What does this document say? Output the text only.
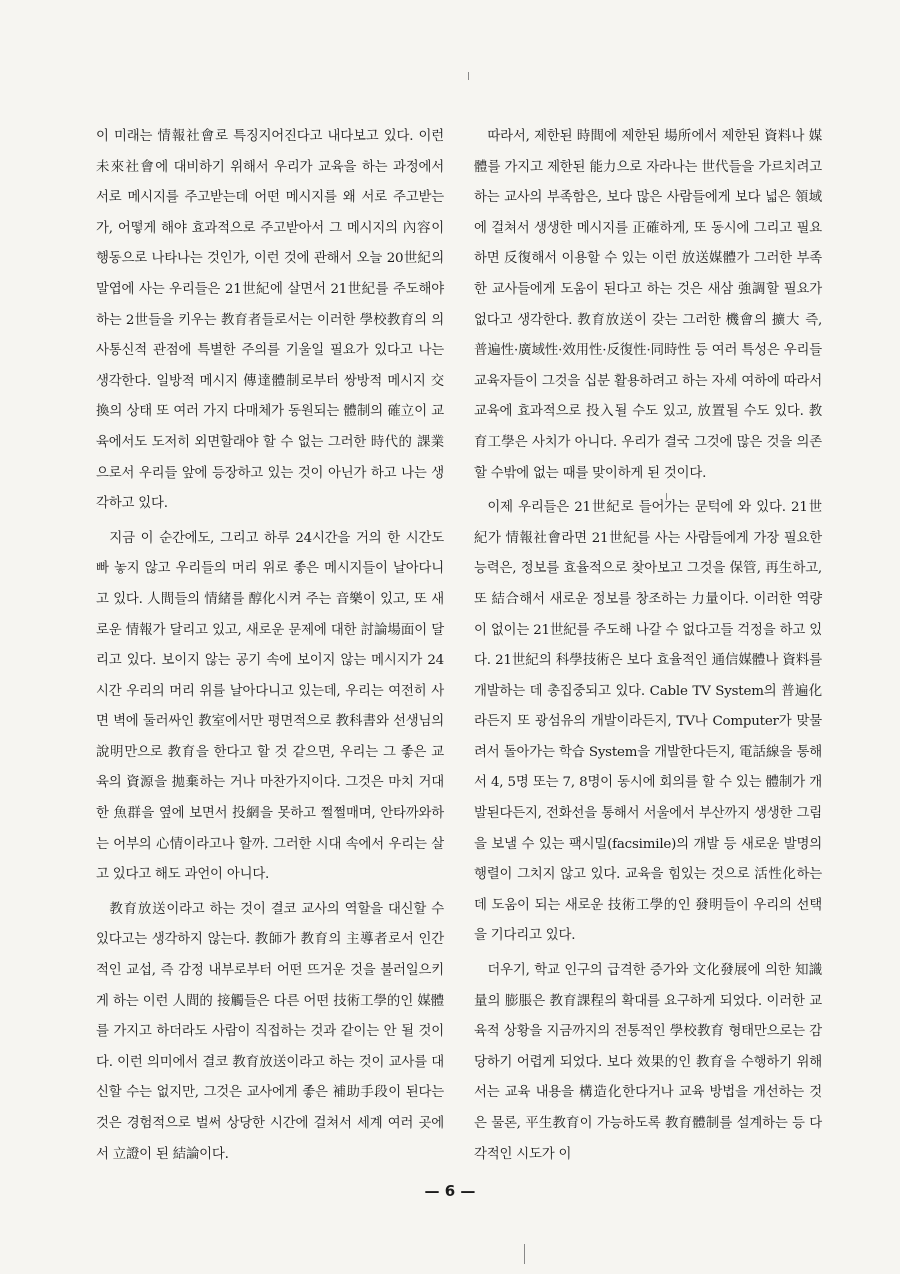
이 미래는 情報社會로 특징지어진다고 내다보고 있다. 이런 未來社會에 대비하기 위해서 우리가 교육을 하는 과정에서 서로 메시지를 주고받는데 어떤 메시지를 왜 서로 주고받는가, 어떻게 해야 효과적으로 주고받아서 그 메시지의 內容이 행동으로 나타나는 것인가, 이런 것에 관해서 오늘 20世紀의 말엽에 사는 우리들은 21世紀에 살면서 21世紀를 주도해야 하는 2世들을 키우는 教育者들로서는 이러한 學校教育의 의사통신적 관점에 특별한 주의를 기울일 필요가 있다고 나는 생각한다. 일방적 메시지 傳達體制로부터 쌍방적 메시지 交換의 상태 또 여러 가지 다매체가 동원되는 體制의 確立이 교육에서도 도저히 외면할래야 할 수 없는 그러한 時代的 課業으로서 우리들 앞에 등장하고 있는 것이 아닌가 하고 나는 생각하고 있다.

지금 이 순간에도, 그리고 하루 24시간을 거의 한 시간도 빠 놓지 않고 우리들의 머리 위로 좋은 메시지들이 날아다니고 있다. 人間들의 情緒를 醇化시켜 주는 音樂이 있고, 또 새로운 情報가 달리고 있고, 새로운 문제에 대한 討論場面이 달리고 있다. 보이지 않는 공기 속에 보이지 않는 메시지가 24시간 우리의 머리 위를 날아다니고 있는데, 우리는 여전히 사면 벽에 둘러싸인 教室에서만 평면적으로 教科書와 선생님의 說明만으로 教育을 한다고 할 것 같으면, 우리는 그 좋은 교육의 資源을 拋棄하는 거나 마찬가지이다. 그것은 마치 거대한 魚群을 옆에 보면서 投網을 못하고 쩔쩔매며, 안타까와하는 어부의 心情이라고나 할까. 그러한 시대 속에서 우리는 살고 있다고 해도 과언이 아니다.

教育放送이라고 하는 것이 결코 교사의 역할을 대신할 수 있다고는 생각하지 않는다. 教師가 教育의 主導者로서 인간적인 교섭, 즉 감정 내부로부터 어떤 뜨거운 것을 불러일으키게 하는 이런 人間的 接觸들은 다른 어떤 技術工學的인 媒體를 가지고 하더라도 사람이 직접하는 것과 같이는 안 될 것이다. 이런 의미에서 결코 教育放送이라고 하는 것이 교사를 대신할 수는 없지만, 그것은 교사에게 좋은 補助手段이 된다는 것은 경험적으로 벌써 상당한 시간에 걸쳐서 세계 여러 곳에서 立證이 된 結論이다.

따라서, 제한된 時間에 제한된 場所에서 제한된 資料나 媒體를 가지고 제한된 能力으로 자라나는 世代들을 가르치려고 하는 교사의 부족함은, 보다 많은 사람들에게 보다 넓은 領域에 걸쳐서 생생한 메시지를 正確하게, 또 동시에 그리고 필요하면 反復해서 이용할 수 있는 이런 放送媒體가 그러한 부족한 교사들에게 도움이 된다고 하는 것은 새삼 強調할 필요가 없다고 생각한다. 教育放送이 갖는 그러한 機會의 擴大 즉, 普遍性·廣域性·效用性·反復性·同時性 등 여러 특성은 우리들 교육자들이 그것을 십분 활용하려고 하는 자세 여하에 따라서 교육에 효과적으로 投入될 수도 있고, 放置될 수도 있다. 教育工學은 사치가 아니다. 우리가 결국 그것에 많은 것을 의존할 수밖에 없는 때를 맞이하게 된 것이다.

이제 우리들은 21世紀로 들어가는 문턱에 와 있다. 21世紀가 情報社會라면 21世紀를 사는 사람들에게 가장 필요한 능력은, 정보를 효율적으로 찾아보고 그것을 保管, 再生하고, 또 結合해서 새로운 정보를 창조하는 力量이다. 이러한 역량이 없이는 21世紀를 주도해 나갈 수 없다고들 걱정을 하고 있다. 21世紀의 科學技術은 보다 효율적인 通信媒體나 資料를 개발하는 데 총집중되고 있다. Cable TV System의 普遍化라든지 또 광섬유의 개발이라든지, TV나 Computer가 맞물려서 돌아가는 학습 System을 개발한다든지, 電話線을 통해서 4, 5명 또는 7, 8명이 동시에 회의를 할 수 있는 體制가 개발된다든지, 전화선을 통해서 서울에서 부산까지 생생한 그림을 보낼 수 있는 팩시밀(facsimile)의 개발 등 새로운 발명의 행렬이 그치지 않고 있다. 교육을 힘있는 것으로 活性化하는 데 도움이 되는 새로운 技術工學的인 發明들이 우리의 선택을 기다리고 있다.

더우기, 학교 인구의 급격한 증가와 文化發展에 의한 知識量의 膨脹은 教育課程의 확대를 요구하게 되었다. 이러한 교육적 상황을 지금까지의 전통적인 學校教育 형태만으로는 감당하기 어렵게 되었다. 보다 效果的인 教育을 수행하기 위해서는 교육 내용을 構造化한다거나 교육 방법을 개선하는 것은 물론, 平生教育이 가능하도록 教育體制를 설계하는 등 다각적인 시도가 이

— 6 —
